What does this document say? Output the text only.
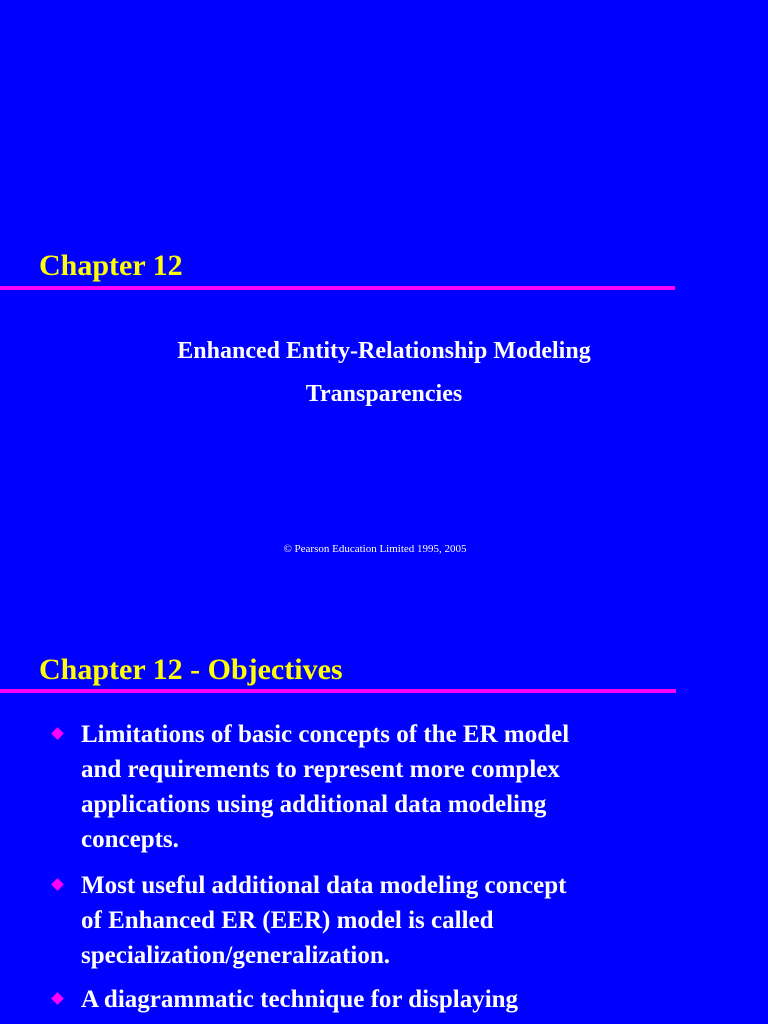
Chapter 12
Enhanced Entity-Relationship Modeling
Transparencies
© Pearson Education Limited 1995, 2005
Chapter 12 - Objectives
Limitations of basic concepts of the ER model
and requirements to represent more complex
applications using additional data modeling
concepts.
Most useful additional data modeling concept
of Enhanced ER (EER) model is called
specialization/generalization.
A diagrammatic technique for displaying
